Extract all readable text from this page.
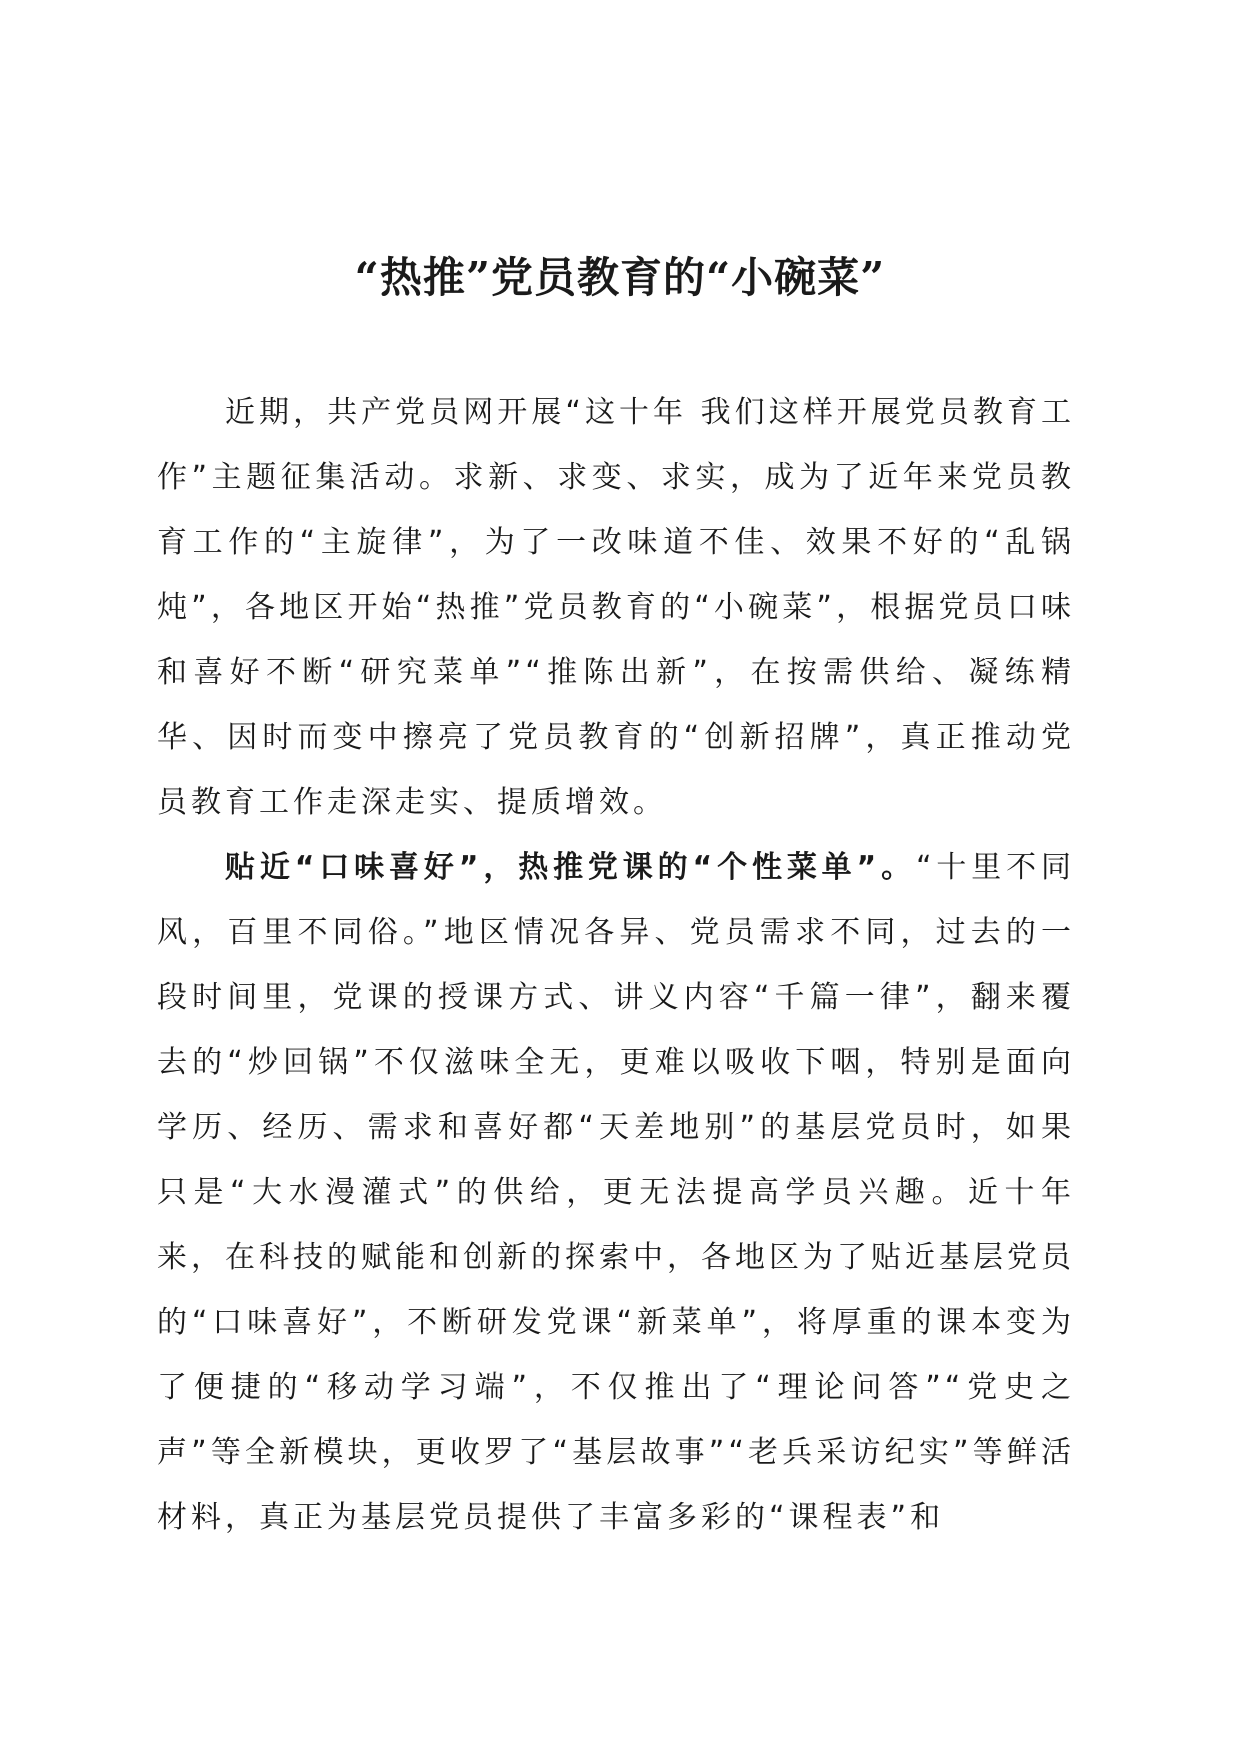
“热推”党员教育的“小碗菜”

近期，共产党员网开展“这十年 我们这样开展党员教育工作”主题征集活动。求新、求变、求实，成为了近年来党员教育工作的“主旋律”，为了一改味道不佳、效果不好的“乱锅炖”，各地区开始“热推”党员教育的“小碗菜”，根据党员口味和喜好不断“研究菜单”“推陈出新”，在按需供给、凝练精华、因时而变中擦亮了党员教育的“创新招牌”，真正推动党员教育工作走深走实、提质增效。

贴近“口味喜好”，热推党课的“个性菜单”。“十里不同风，百里不同俗。”地区情况各异、党员需求不同，过去的一段时间里，党课的授课方式、讲义内容“千篇一律”，翻来覆去的“炒回锅”不仅滋味全无，更难以吸收下咽，特别是面向学历、经历、需求和喜好都“天差地别”的基层党员时，如果只是“大水漫灌式”的供给，更无法提高学员兴趣。近十年来，在科技的赋能和创新的探索中，各地区为了贴近基层党员的“口味喜好”，不断研发党课“新菜单”，将厚重的课本变为了便捷的“移动学习端”，不仅推出了“理论问答”“党史之声”等全新模块，更收罗了“基层故事”“老兵采访纪实”等鲜活材料，真正为基层党员提供了丰富多彩的“课程表”和
